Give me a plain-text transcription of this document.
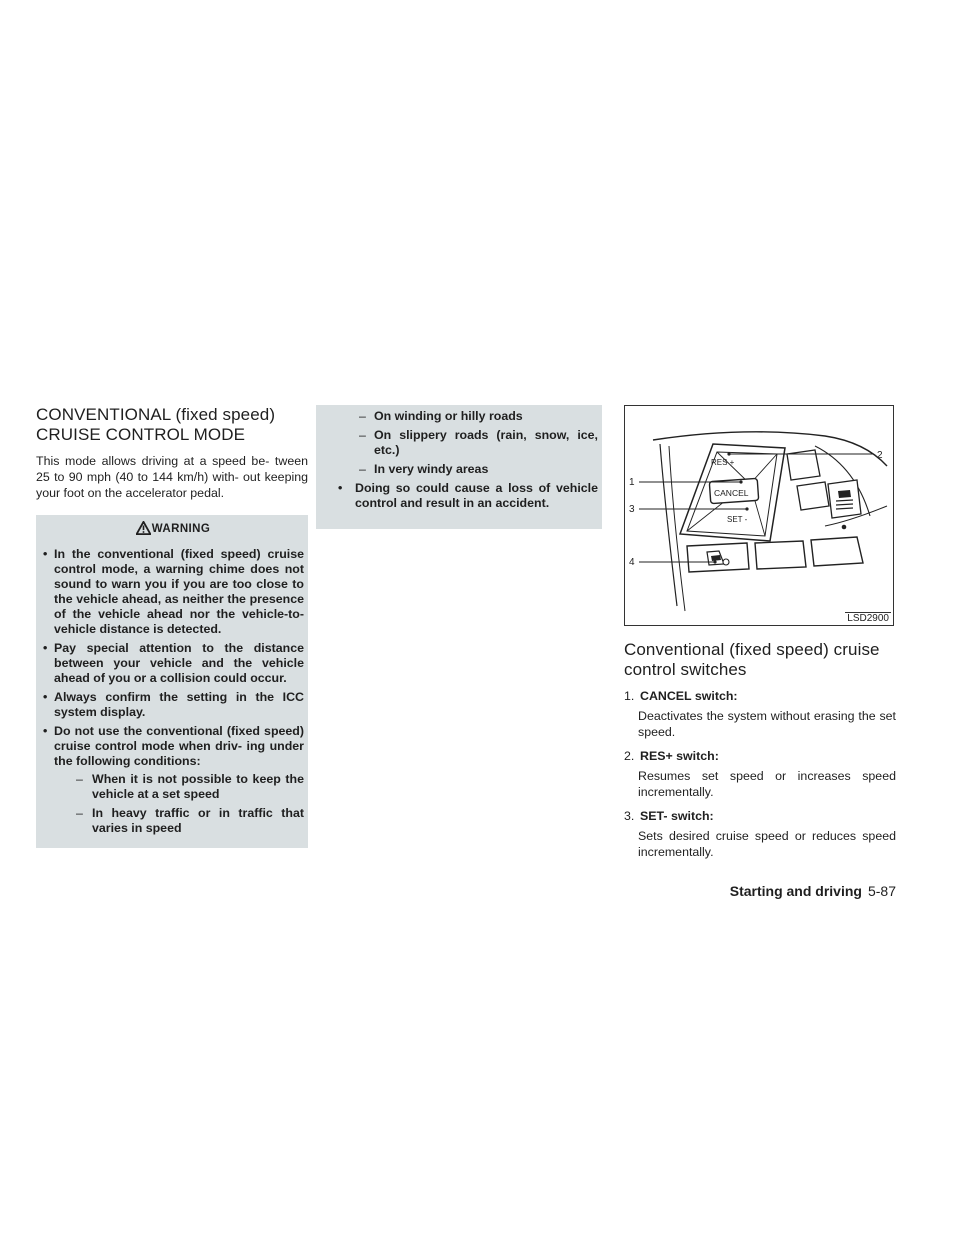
CONVENTIONAL (fixed speed)
CRUISE CONTROL MODE

This mode allows driving at a speed be- tween 25 to 90 mph (40 to 144 km/h) with- out keeping your foot on the accelerator pedal.

WARNING
• In the conventional (fixed speed) cruise control mode, a warning chime does not sound to warn you if you are too close to the vehicle ahead, as neither the presence of the vehicle ahead nor the vehicle-to- vehicle distance is detected.
• Pay special attention to the distance between your vehicle and the vehicle ahead of you or a collision could occur.
• Always confirm the setting in the ICC system display.
• Do not use the conventional (fixed speed) cruise control mode when driv- ing under the following conditions:
– When it is not possible to keep the vehicle at a set speed
– In heavy traffic or in traffic that varies in speed
– On winding or hilly roads
– On slippery roads (rain, snow, ice, etc.)
– In very windy areas
• Doing so could cause a loss of vehicle control and result in an accident.
CANCEL
RES +
SET -
1
2
3
4
LSD2900
Conventional (fixed speed) cruise
control switches
1. CANCEL switch:
Deactivates the system without erasing the set speed.
2. RES+ switch:
Resumes set speed or increases speed incrementally.
3. SET- switch:
Sets desired cruise speed or reduces speed incrementally.
Starting and driving 5-87
